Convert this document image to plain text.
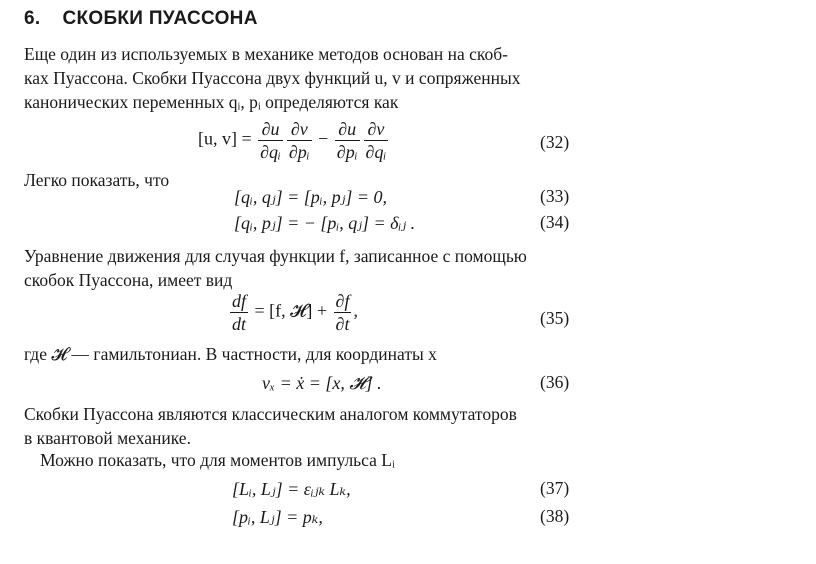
6. СКОБКИ ПУАССОНА
Еще один из используемых в механике методов основан на скоб-
ках Пуассона. Скобки Пуассона двух функций u, v и сопряженных
канонических переменных qᵢ, pᵢ определяются как
[u, $v] = \frac{\partial u}{\text{∂qᵢ}} \frac{\partial v}{\text{∂pᵢ}} - \frac{\partial u}{\text{∂pᵢ}} \frac{\partial v}{\text{∂qᵢ}}$	(32)
Легко показать, что
[qᵢ, qⱼ] = [pᵢ, pⱼ] = 0,	(33)
[qᵢ, pⱼ] = − [pᵢ, qⱼ] = δᵢⱼ .	(34)
Уравнение движения для случая функции f, записанное с помощью
скобок Пуассона, имеет вид
$\frac{df}{dt} = [f$, 𝓗] + $\frac{\partial f}{\partial t}$ ,	(35)
где 𝓗 — гамильтониан. В частности, для координаты x
vₓ = ẋ = [x, 𝓗] .	(36)
Скобки Пуассона являются классическим аналогом коммутаторов
в квантовой механике.
Можно показать, что для моментов импульса Lᵢ
[Lᵢ, Lⱼ] = εᵢⱼₖ Lₖ,	(37)
[pᵢ, Lⱼ] = pₖ,	(38)
